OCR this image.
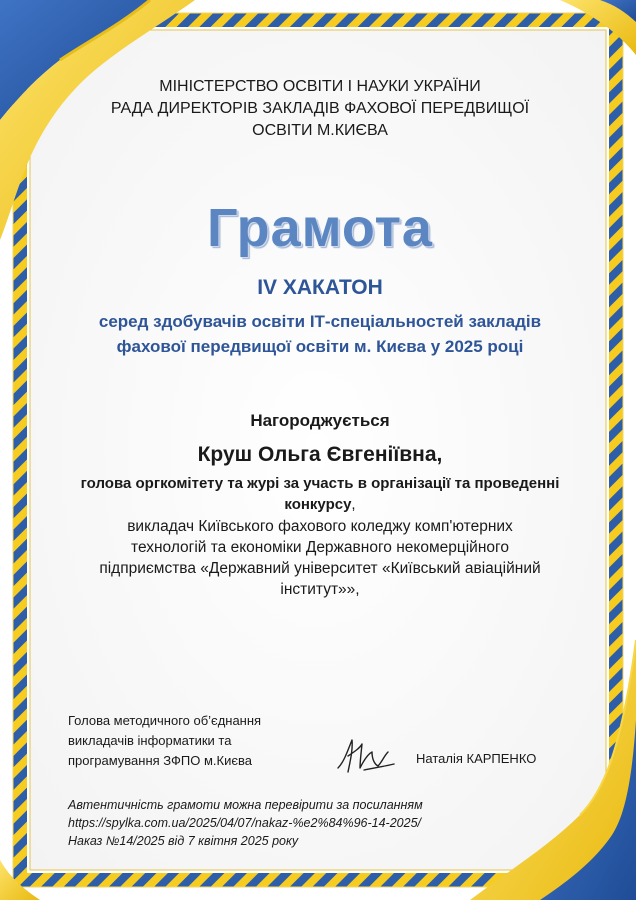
МІНІСТЕРСТВО ОСВІТИ І НАУКИ УКРАЇНИ
РАДА ДИРЕКТОРІВ ЗАКЛАДІВ ФАХОВОЇ ПЕРЕДВИЩОЇ
ОСВІТИ М.КИЄВА
Грамота
IV ХАКАТОН
серед здобувачів освіти ІТ-спеціальностей закладів
фахової передвищої освіти м. Києва у 2025 році
Нагороджується
Круш Ольга Євгеніївна,
голова оргкомітету та журі за участь в організації та проведенні
конкурсу,
викладач Київського фахового коледжу комп'ютерних
технологій та економіки Державного некомерційного
підприємства «Державний університет «Київський авіаційний
інститут»»,
Голова методичного об’єднання
викладачів інформатики та
програмування ЗФПО м.Києва	Наталія КАРПЕНКО
Автентичність грамоти можна перевірити за посиланням
https://spylka.com.ua/2025/04/07/nakaz-%e2%84%96-14-2025/
Наказ №14/2025 від 7 квітня 2025 року
